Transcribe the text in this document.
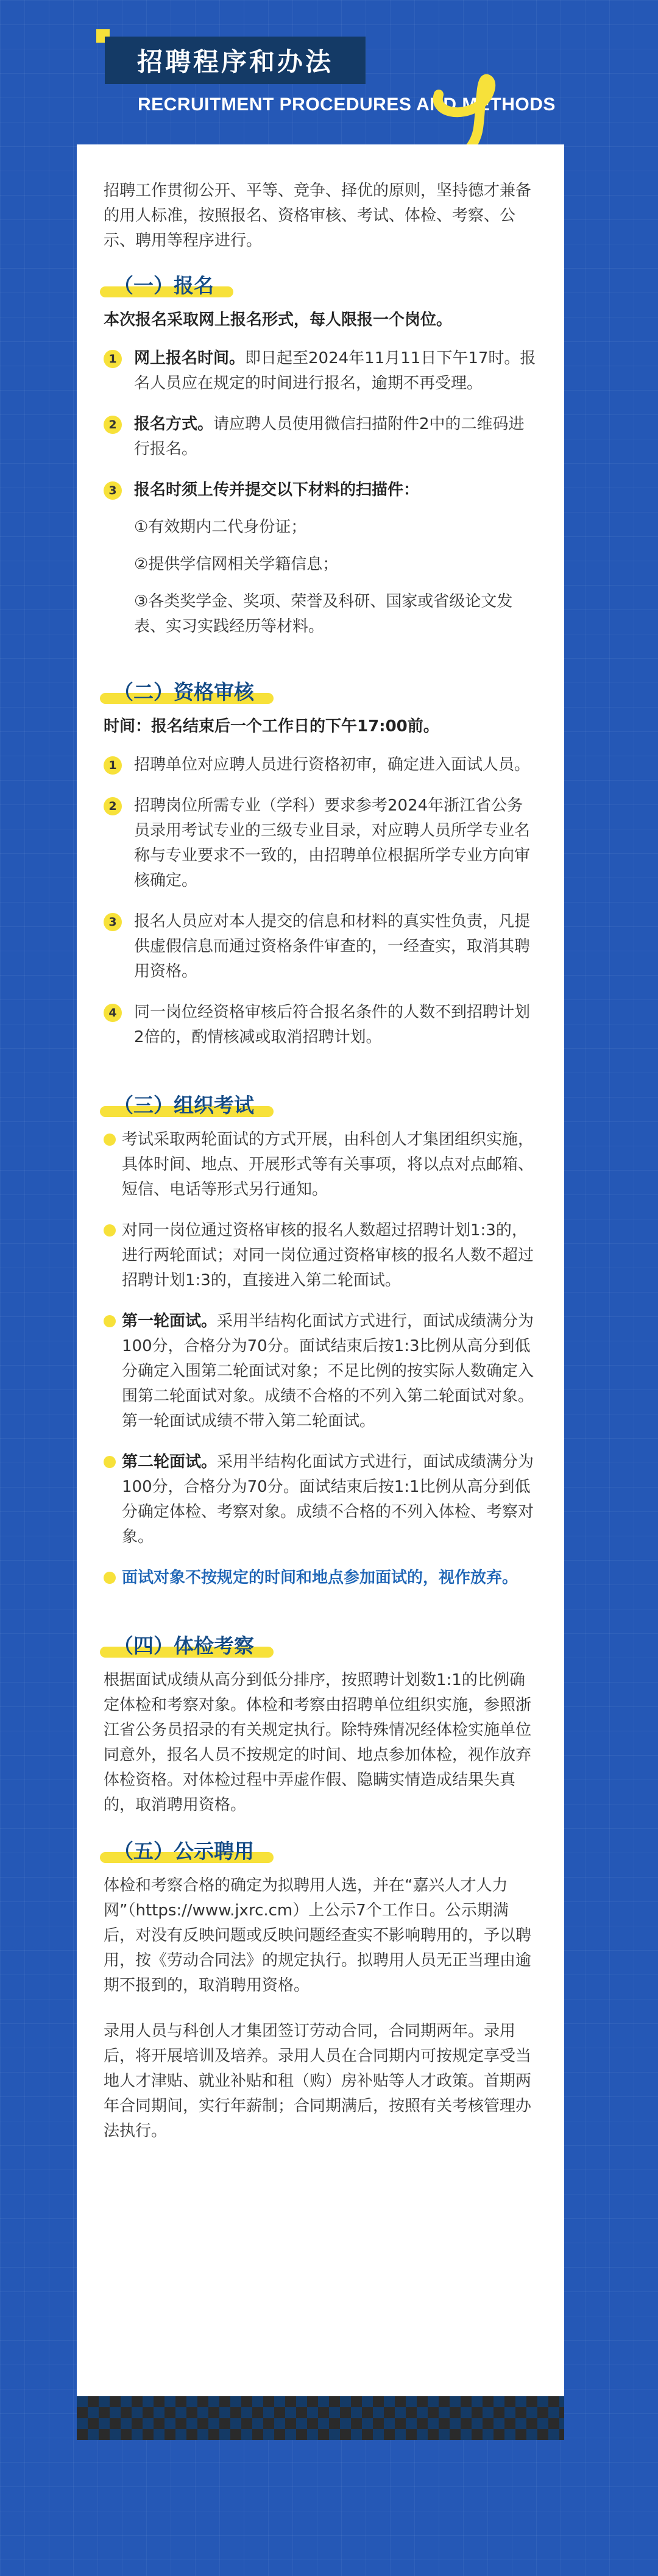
招聘程序和办法
RECRUITMENT PROCEDURES AND METHODS

招聘工作贯彻公开、平等、竞争、择优的原则，坚持德才兼备的用人标准，按照报名、资格审核、考试、体检、考察、公示、聘用等程序进行。

（一）报名

本次报名采取网上报名形式，每人限报一个岗位。

1	网上报名时间。即日起至2024年11月11日下午17时。报名人员应在规定的时间进行报名，逾期不再受理。
2	报名方式。请应聘人员使用微信扫描附件2中的二维码进行报名。
3	报名时须上传并提交以下材料的扫描件：

①有效期内二代身份证；

②提供学信网相关学籍信息；

③各类奖学金、奖项、荣誉及科研、国家或省级论文发表、实习实践经历等材料。

（二）资格审核

时间：报名结束后一个工作日的下午17:00前。

1	招聘单位对应聘人员进行资格初审，确定进入面试人员。
2	招聘岗位所需专业（学科）要求参考2024年浙江省公务员录用考试专业的三级专业目录，对应聘人员所学专业名称与专业要求不一致的，由招聘单位根据所学专业方向审核确定。
3	报名人员应对本人提交的信息和材料的真实性负责，凡提供虚假信息而通过资格条件审查的，一经查实，取消其聘用资格。
4	同一岗位经资格审核后符合报名条件的人数不到招聘计划2倍的，酌情核减或取消招聘计划。
（三）组织考试
考试采取两轮面试的方式开展，由科创人才集团组织实施，具体时间、地点、开展形式等有关事项，将以点对点邮箱、短信、电话等形式另行通知。
对同一岗位通过资格审核的报名人数超过招聘计划1:3的，进行两轮面试；对同一岗位通过资格审核的报名人数不超过招聘计划1:3的，直接进入第二轮面试。
第一轮面试。采用半结构化面试方式进行，面试成绩满分为100分，合格分为70分。面试结束后按1:3比例从高分到低分确定入围第二轮面试对象；不足比例的按实际人数确定入围第二轮面试对象。成绩不合格的不列入第二轮面试对象。第一轮面试成绩不带入第二轮面试。
第二轮面试。采用半结构化面试方式进行，面试成绩满分为100分，合格分为70分。面试结束后按1:1比例从高分到低分确定体检、考察对象。成绩不合格的不列入体检、考察对象。
面试对象不按规定的时间和地点参加面试的，视作放弃。
（四）体检考察

根据面试成绩从高分到低分排序，按照聘计划数1:1的比例确定体检和考察对象。体检和考察由招聘单位组织实施，参照浙江省公务员招录的有关规定执行。除特殊情况经体检实施单位同意外，报名人员不按规定的时间、地点参加体检，视作放弃体检资格。对体检过程中弄虚作假、隐瞒实情造成结果失真的，取消聘用资格。

（五）公示聘用

体检和考察合格的确定为拟聘用人选，并在“嘉兴人才人力网”（https://www.jxrc.cm）上公示7个工作日。公示期满后，对没有反映问题或反映问题经查实不影响聘用的，予以聘用，按《劳动合同法》的规定执行。拟聘用人员无正当理由逾期不报到的，取消聘用资格。

录用人员与科创人才集团签订劳动合同，合同期两年。录用后，将开展培训及培养。录用人员在合同期内可按规定享受当地人才津贴、就业补贴和租（购）房补贴等人才政策。首期两年合同期间，实行年薪制；合同期满后，按照有关考核管理办法执行。
